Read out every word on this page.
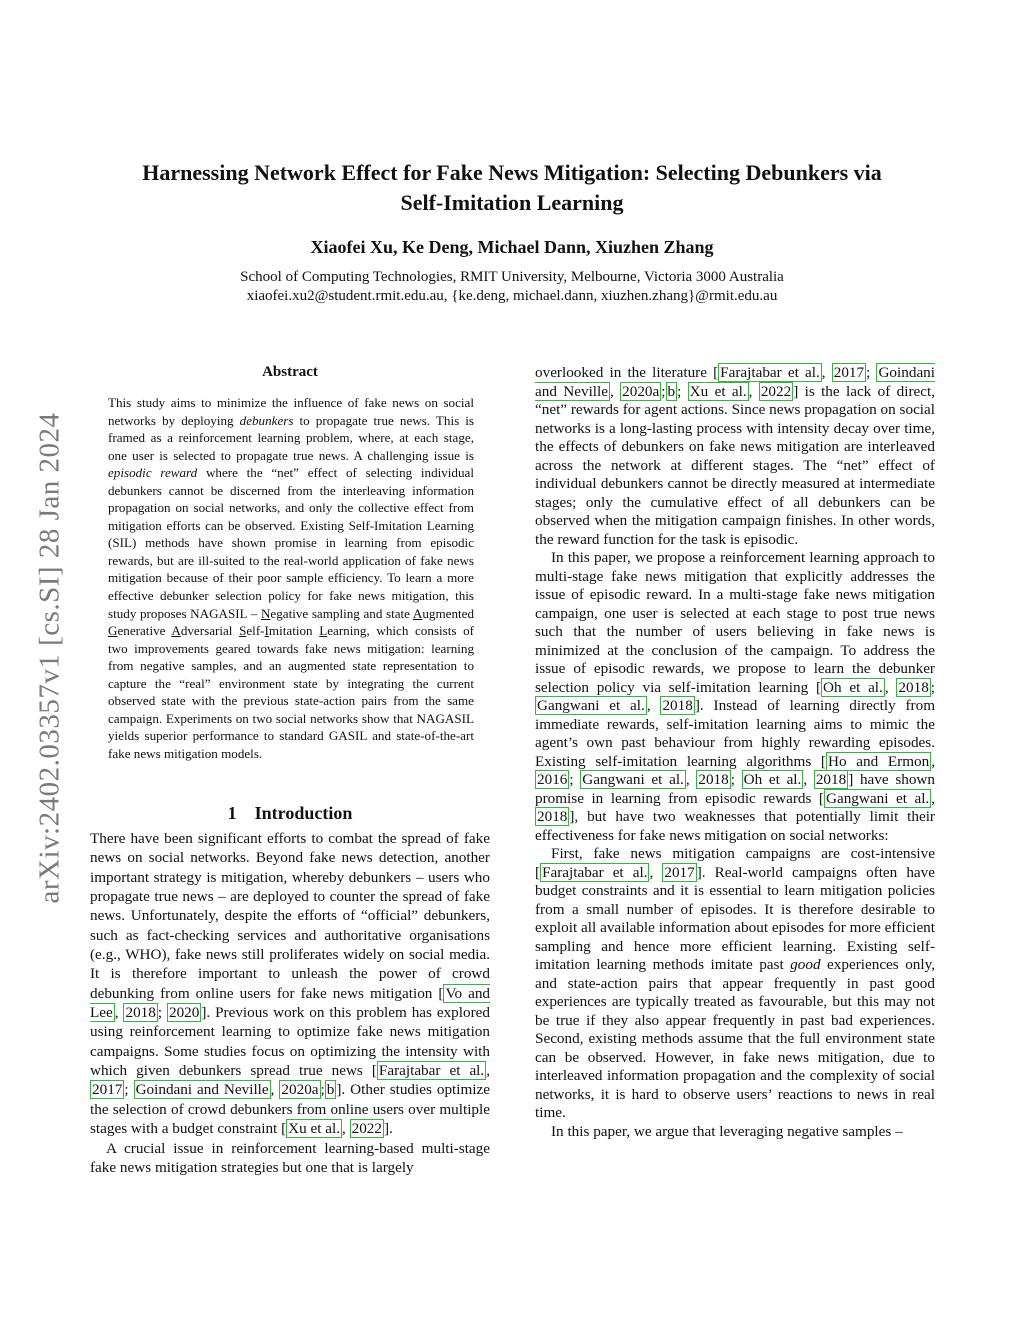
arXiv:2402.03357v1 [cs.SI] 28 Jan 2024
Harnessing Network Effect for Fake News Mitigation: Selecting Debunkers via
Self-Imitation Learning
Xiaofei Xu, Ke Deng, Michael Dann, Xiuzhen Zhang
School of Computing Technologies, RMIT University, Melbourne, Victoria 3000 Australia
xiaofei.xu2@student.rmit.edu.au, {ke.deng, michael.dann, xiuzhen.zhang}@rmit.edu.au
Abstract
This study aims to minimize the influence of fake news on social networks by deploying debunkers to propagate true news. This is framed as a reinforcement learning problem, where, at each stage, one user is selected to propagate true news. A challenging issue is episodic reward where the “net” effect of selecting individual debunkers cannot be discerned from the interleaving information propagation on social networks, and only the collective effect from mitigation efforts can be observed. Existing Self-Imitation Learning (SIL) methods have shown promise in learning from episodic rewards, but are ill-suited to the real-world application of fake news mitigation because of their poor sample efficiency. To learn a more effective debunker selection policy for fake news mitigation, this study proposes NAGASIL – Negative sampling and state Augmented Generative Adversarial Self-Imitation Learning, which consists of two improvements geared towards fake news mitigation: learning from negative samples, and an augmented state representation to capture the “real” environment state by integrating the current observed state with the previous state-action pairs from the same campaign. Experiments on two social networks show that NAGASIL yields superior performance to standard GASIL and state-of-the-art fake news mitigation models.
1 Introduction

There have been significant efforts to combat the spread of fake news on social networks. Beyond fake news detection, another important strategy is mitigation, whereby debunkers – users who propagate true news – are deployed to counter the spread of fake news. Unfortunately, despite the efforts of “official” debunkers, such as fact-checking services and authoritative organisations (e.g., WHO), fake news still proliferates widely on social media. It is therefore important to unleash the power of crowd debunking from online users for fake news mitigation [ Vo and Lee , 2018 ; 2020 ]. Previous work on this problem has explored using reinforcement learning to optimize fake news mitigation campaigns. Some studies focus on optimizing the intensity with which given debunkers spread true news [ Farajtabar et al. , 2017 ; Goindani and Neville , 2020a ; b ]. Other studies optimize the selection of crowd debunkers from online users over multiple stages with a budget constraint [ Xu et al. , 2022 ].

A crucial issue in reinforcement learning-based multi-stage fake news mitigation strategies but one that is largely

overlooked in the literature [ Farajtabar et al. , 2017 ; Goindani and Neville , 2020a ; b ; Xu et al. , 2022 ] is the lack of direct, “net” rewards for agent actions. Since news propagation on social networks is a long-lasting process with intensity decay over time, the effects of debunkers on fake news mitigation are interleaved across the network at different stages. The “net” effect of individual debunkers cannot be directly measured at intermediate stages; only the cumulative effect of all debunkers can be observed when the mitigation campaign finishes. In other words, the reward function for the task is episodic.

In this paper, we propose a reinforcement learning approach to multi-stage fake news mitigation that explicitly addresses the issue of episodic reward. In a multi-stage fake news mitigation campaign, one user is selected at each stage to post true news such that the number of users believing in fake news is minimized at the conclusion of the campaign. To address the issue of episodic rewards, we propose to learn the debunker selection policy via self-imitation learning [ Oh et al. , 2018 ; Gangwani et al. , 2018 ]. Instead of learning directly from immediate rewards, self-imitation learning aims to mimic the agent’s own past behaviour from highly rewarding episodes. Existing self-imitation learning algorithms [ Ho and Ermon , 2016 ; Gangwani et al. , 2018 ; Oh et al. , 2018 ] have shown promise in learning from episodic rewards [ Gangwani et al. , 2018 ], but have two weaknesses that potentially limit their effectiveness for fake news mitigation on social networks:

First, fake news mitigation campaigns are cost-intensive [ Farajtabar et al. , 2017 ]. Real-world campaigns often have budget constraints and it is essential to learn mitigation policies from a small number of episodes. It is therefore desirable to exploit all available information about episodes for more efficient sampling and hence more efficient learning. Existing self-imitation learning methods imitate past good experiences only, and state-action pairs that appear frequently in past good experiences are typically treated as favourable, but this may not be true if they also appear frequently in past bad experiences. Second, existing methods assume that the full environment state can be observed. However, in fake news mitigation, due to interleaved information propagation and the complexity of social networks, it is hard to observe users’ reactions to news in real time.

In this paper, we argue that leveraging negative samples –
